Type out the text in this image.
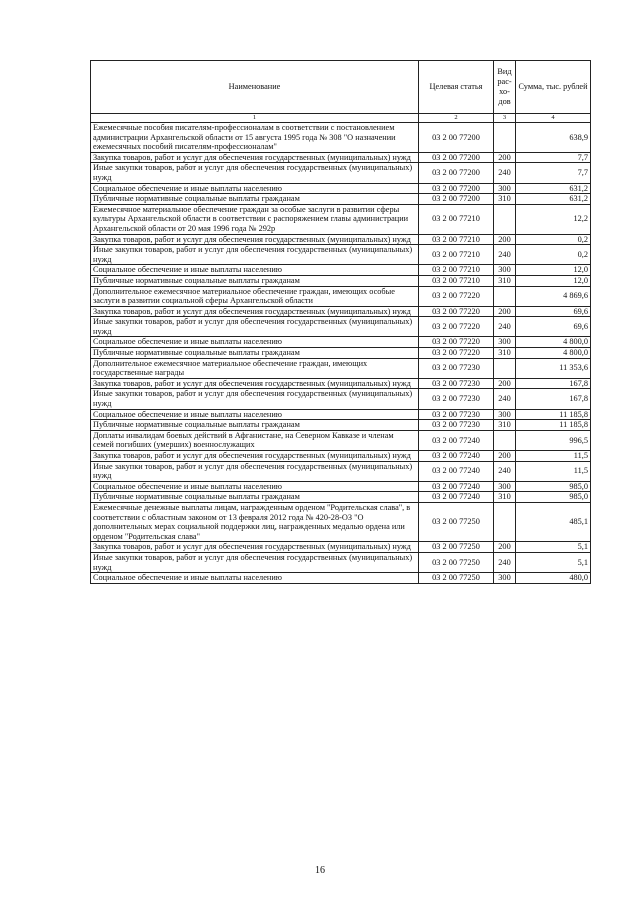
Наименование	Целевая статья	Вид рас- хо- дов	Сумма, тыс. рублей
1	2	3	4
Ежемесячные пособия писателям-профессионалам в соответствии с постановлением администрации Архангельской области от 15 августа 1995 года № 308 "О назначении ежемесячных пособий писателям-профессионалам"	03 2 00 77200		638,9
Закупка товаров, работ и услуг для обеспечения государственных (муниципальных) нужд	03 2 00 77200	200	7,7
Иные закупки товаров, работ и услуг для обеспечения государственных (муниципальных) нужд	03 2 00 77200	240	7,7
Социальное обеспечение и иные выплаты населению	03 2 00 77200	300	631,2
Публичные нормативные социальные выплаты гражданам	03 2 00 77200	310	631,2
Ежемесячное материальное обеспечение граждан за особые заслуги в развитии сферы культуры Архангельской области в соответствии с распоряжением главы администрации Архангельской области от 20 мая 1996 года № 292р	03 2 00 77210		12,2
Закупка товаров, работ и услуг для обеспечения государственных (муниципальных) нужд	03 2 00 77210	200	0,2
Иные закупки товаров, работ и услуг для обеспечения государственных (муниципальных) нужд	03 2 00 77210	240	0,2
Социальное обеспечение и иные выплаты населению	03 2 00 77210	300	12,0
Публичные нормативные социальные выплаты гражданам	03 2 00 77210	310	12,0
Дополнительное ежемесячное материальное обеспечение граждан, имеющих особые заслуги в развитии социальной сферы Архангельской области	03 2 00 77220		4 869,6
Закупка товаров, работ и услуг для обеспечения государственных (муниципальных) нужд	03 2 00 77220	200	69,6
Иные закупки товаров, работ и услуг для обеспечения государственных (муниципальных) нужд	03 2 00 77220	240	69,6
Социальное обеспечение и иные выплаты населению	03 2 00 77220	300	4 800,0
Публичные нормативные социальные выплаты гражданам	03 2 00 77220	310	4 800,0
Дополнительное ежемесячное материальное обеспечение граждан, имеющих государственные награды	03 2 00 77230		11 353,6
Закупка товаров, работ и услуг для обеспечения государственных (муниципальных) нужд	03 2 00 77230	200	167,8
Иные закупки товаров, работ и услуг для обеспечения государственных (муниципальных) нужд	03 2 00 77230	240	167,8
Социальное обеспечение и иные выплаты населению	03 2 00 77230	300	11 185,8
Публичные нормативные социальные выплаты гражданам	03 2 00 77230	310	11 185,8
Доплаты инвалидам боевых действий в Афганистане, на Северном Кавказе и членам семей погибших (умерших) военнослужащих	03 2 00 77240		996,5
Закупка товаров, работ и услуг для обеспечения государственных (муниципальных) нужд	03 2 00 77240	200	11,5
Иные закупки товаров, работ и услуг для обеспечения государственных (муниципальных) нужд	03 2 00 77240	240	11,5
Социальное обеспечение и иные выплаты населению	03 2 00 77240	300	985,0
Публичные нормативные социальные выплаты гражданам	03 2 00 77240	310	985,0
Ежемесячные денежные выплаты лицам, награжденным орденом "Родительская слава", в соответствии с областным законом от 13 февраля 2012 года № 420-28-ОЗ "О дополнительных мерах социальной поддержки лиц, награжденных медалью ордена или орденом "Родительская слава"	03 2 00 77250		485,1
Закупка товаров, работ и услуг для обеспечения государственных (муниципальных) нужд	03 2 00 77250	200	5,1
Иные закупки товаров, работ и услуг для обеспечения государственных (муниципальных) нужд	03 2 00 77250	240	5,1
Социальное обеспечение и иные выплаты населению	03 2 00 77250	300	480,0
16
